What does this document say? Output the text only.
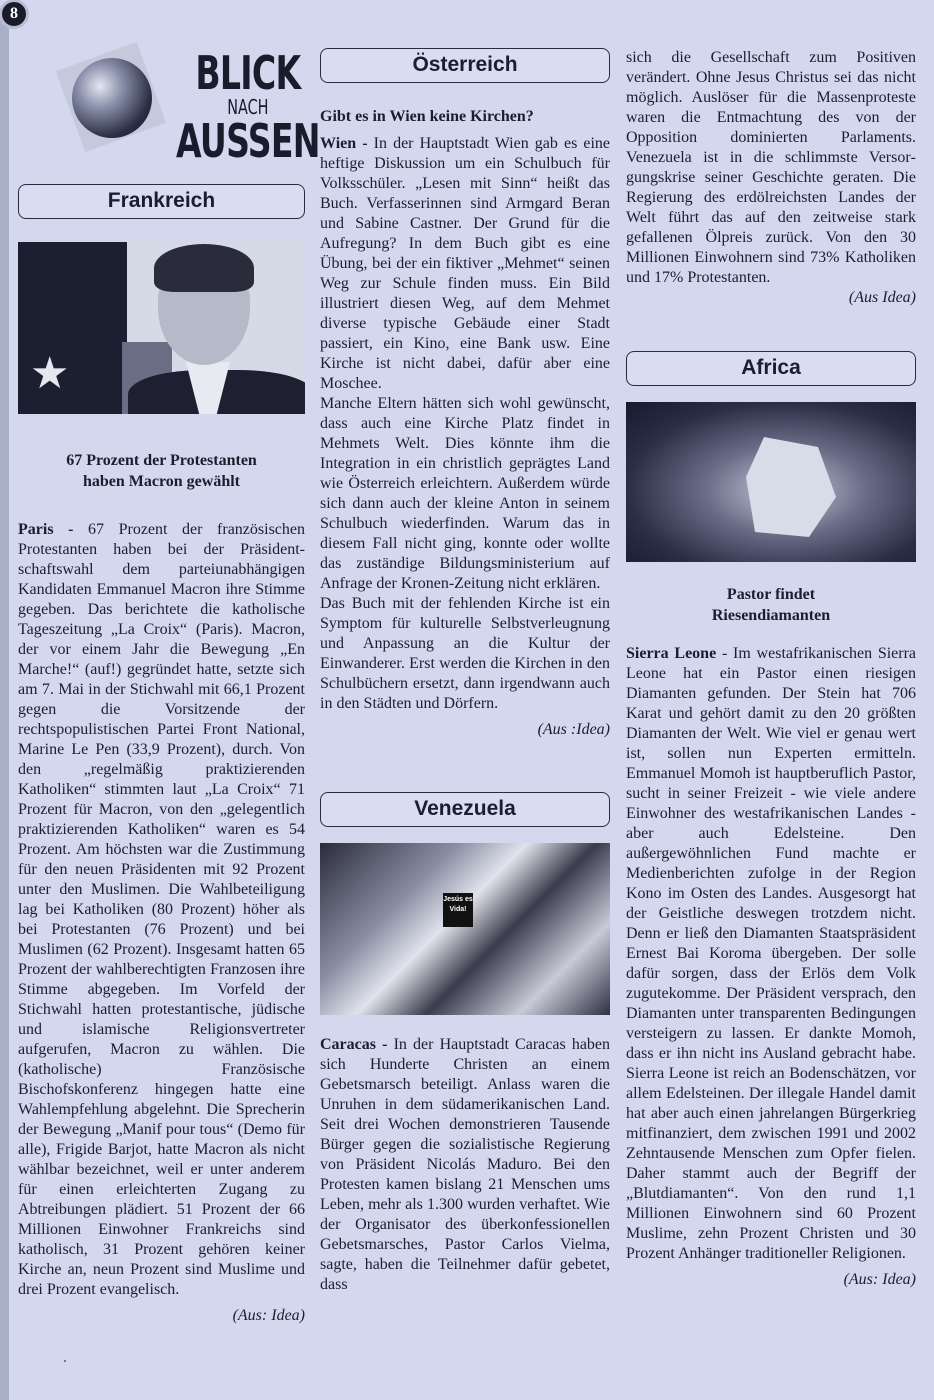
8
BLICK
NACH
AUSSEN
Frankreich
★
67 Prozent der Protestanten
haben Macron gewählt

Paris - 67 Prozent der französischen Protestanten haben bei der Präsidentschaftswahl dem parteiunabhängigen Kandidaten Emmanuel Macron ihre Stimme gegeben. Das berichtete die katholische Tageszeitung „La Croix“ (Paris). Macron, der vor einem Jahr die Bewegung „En Marche!“ (auf!) gegründet hatte, setzte sich am 7. Mai in der Stichwahl mit 66,1 Prozent gegen die Vorsitzende der rechtspopulistischen Partei Front National, Marine Le Pen (33,9 Prozent), durch. Von den „regelmäßig praktizierenden Katholiken“ stimmten laut „La Croix“ 71 Prozent für Macron, von den „gelegentlich praktizierenden Katholiken“ waren es 54 Prozent. Am höchsten war die Zustimmung für den neuen Präsidenten mit 92 Prozent unter den Muslimen. Die Wahlbeteiligung lag bei Katholiken (80 Prozent) höher als bei Protestanten (76 Prozent) und bei Muslimen (62 Prozent). Insgesamt hatten 65 Prozent der wahlberechtigten Franzosen ihre Stimme abgegeben. Im Vorfeld der Stichwahl hatten protestantische, jüdische und islamische Religionsvertreter aufgerufen, Macron zu wählen. Die (katholische) Französische Bischofskonferenz hingegen hatte eine Wahlempfehlung abgelehnt. Die Sprecherin der Bewegung „Manif pour tous“ (Demo für alle), Frigide Barjot, hatte Macron als nicht wählbar bezeichnet, weil er unter anderem für einen erleichterten Zugang zu Abtreibungen plädiert. 51 Prozent der 66 Millionen Einwohner Frankreichs sind katholisch, 31 Prozent gehören keiner Kirche an, neun Prozent sind Muslime und drei Prozent evangelisch.

(Aus: Idea)
Österreich
Gibt es in Wien keine Kirchen?

Wien - In der Hauptstadt Wien gab es eine heftige Diskussion um ein Schulbuch für Volksschüler. „Lesen mit Sinn“ heißt das Buch. Verfasserinnen sind Armgard Beran und Sabine Castner. Der Grund für die Aufregung? In dem Buch gibt es eine Übung, bei der ein fiktiver „Mehmet“ seinen Weg zur Schule finden muss. Ein Bild illustriert diesen Weg, auf dem Mehmet diverse typische Gebäude einer Stadt passiert, ein Kino, eine Bank usw. Eine Kirche ist nicht dabei, dafür aber eine Moschee.

Manche Eltern hätten sich wohl gewünscht, dass auch eine Kirche Platz findet in Mehmets Welt. Dies könnte ihm die Integration in ein christlich geprägtes Land wie Österreich erleichtern. Außerdem würde sich dann auch der kleine Anton in seinem Schulbuch wiederfinden. Warum das in diesem Fall nicht ging, konnte oder wollte das zuständige Bildungsministerium auf Anfrage der Kronen-Zeitung nicht erklären.

Das Buch mit der fehlenden Kirche ist ein Symptom für kulturelle Selbstverleugnung und Anpassung an die Kultur der Einwanderer. Erst werden die Kirchen in den Schulbüchern ersetzt, dann irgendwann auch in den Städten und Dörfern.

(Aus :Idea)
Venezuela
Jesús es Vida!

Caracas - In der Hauptstadt Caracas haben sich Hunderte Christen an einem Gebetsmarsch beteiligt. Anlass waren die Unruhen in dem südamerikanischen Land. Seit drei Wochen demonstrieren Tausende Bürger gegen die sozialistische Regierung von Präsident Nicolás Maduro. Bei den Protesten kamen bislang 21 Menschen ums Leben, mehr als 1.300 wurden verhaftet. Wie der Organisator des überkonfessionellen Gebetsmarsches, Pastor Carlos Vielma, sagte, haben die Teilnehmer dafür gebetet, dass

sich die Gesellschaft zum Positiven verändert. Ohne Jesus Christus sei das nicht möglich. Auslöser für die Massenproteste waren die Entmachtung des von der Opposition dominierten Parlaments. Venezuela ist in die schlimmste Versorgungskrise seiner Geschichte geraten. Die Regierung des erdölreichsten Landes der Welt führt das auf den zeitweise stark gefallenen Ölpreis zurück. Von den 30 Millionen Einwohnern sind 73% Katholiken und 17% Protestanten.

(Aus Idea)
Africa
Pastor findet
Riesendiamanten

Sierra Leone - Im westafrikanischen Sierra Leone hat ein Pastor einen riesigen Diamanten gefunden. Der Stein hat 706 Karat und gehört damit zu den 20 größten Diamanten der Welt. Wie viel er genau wert ist, sollen nun Experten ermitteln. Emmanuel Momoh ist hauptberuflich Pastor, sucht in seiner Freizeit - wie viele andere Einwohner des westafrikanischen Landes - aber auch Edelsteine. Den außergewöhnlichen Fund machte er Medienberichten zufolge in der Region Kono im Osten des Landes. Ausgesorgt hat der Geistliche deswegen trotzdem nicht. Denn er ließ den Diamanten Staatspräsident Ernest Bai Koroma übergeben. Der solle dafür sorgen, dass der Erlös dem Volk zugutekomme. Der Präsident versprach, den Diamanten unter transparenten Bedingungen versteigern zu lassen. Er dankte Momoh, dass er ihn nicht ins Ausland gebracht habe. Sierra Leone ist reich an Bodenschätzen, vor allem Edelsteinen. Der illegale Handel damit hat aber auch einen jahrelangen Bürgerkrieg mitfinanziert, dem zwischen 1991 und 2002 Zehntausende Menschen zum Opfer fielen. Daher stammt auch der Begriff der „Blutdiamanten“. Von den rund 1,1 Millionen Einwohnern sind 60 Prozent Muslime, zehn Prozent Christen und 30 Prozent Anhänger traditioneller Religionen.

(Aus: Idea)
